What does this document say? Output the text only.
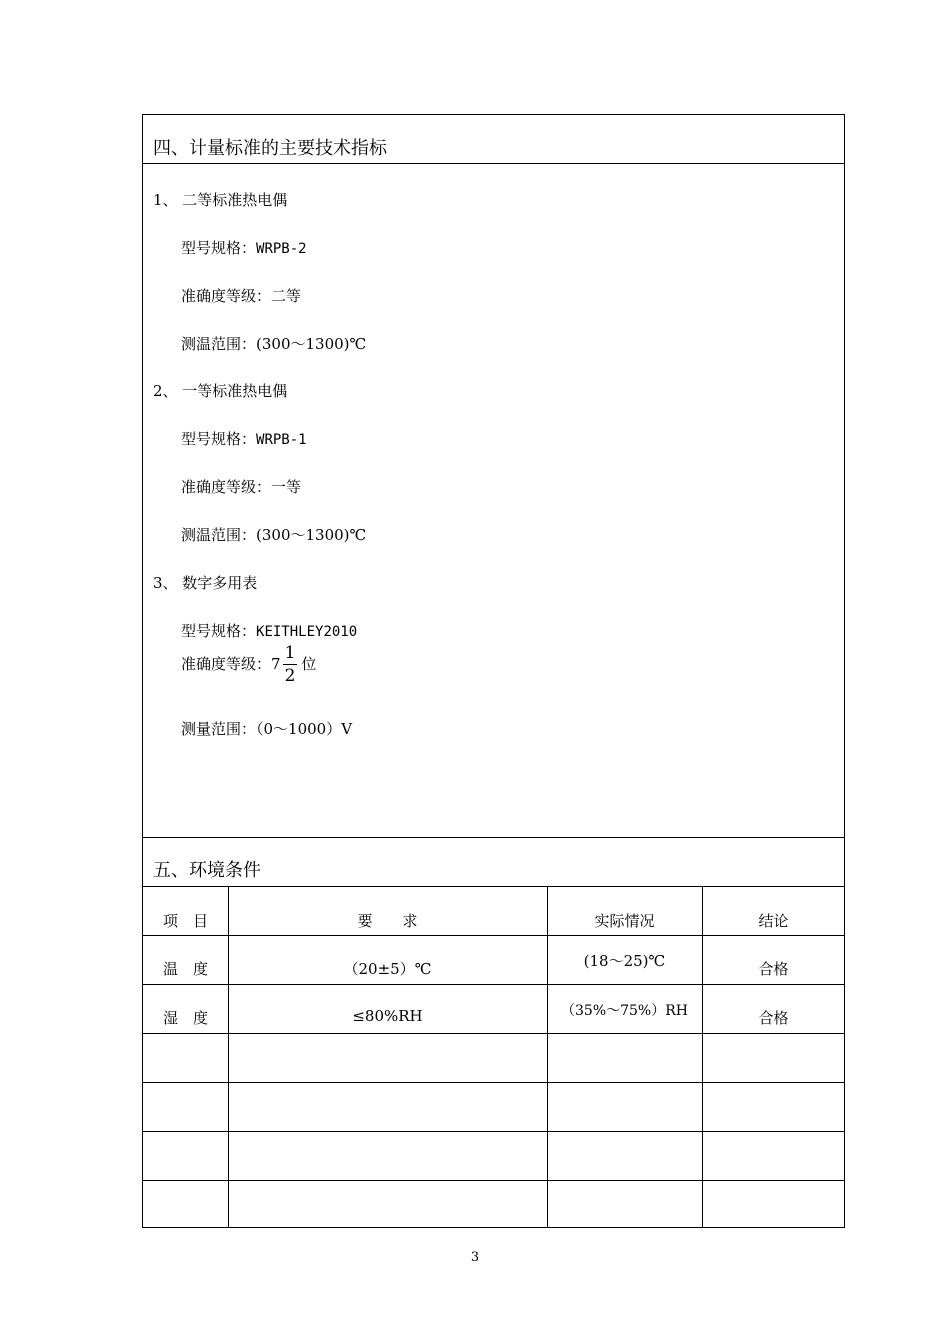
四、计量标准的主要技术指标
1、 二等标准热电偶
型号规格：WRPB-2
准确度等级：二等
测温范围：(300～1300)℃
2、 一等标准热电偶
型号规格：WRPB-1
准确度等级：一等
测温范围：(300～1300)℃
3、 数字多用表
型号规格：KEITHLEY2010
准确度等级：$7 \frac{1}{2}$ 位
测量范围：（0～1000）V
五、环境条件
项　目	要　　求	实际情况	结论
温　度	（20±5）℃	(18～25)℃	合格
湿　度	≤80%RH	（35%～75%）RH	合格
3
